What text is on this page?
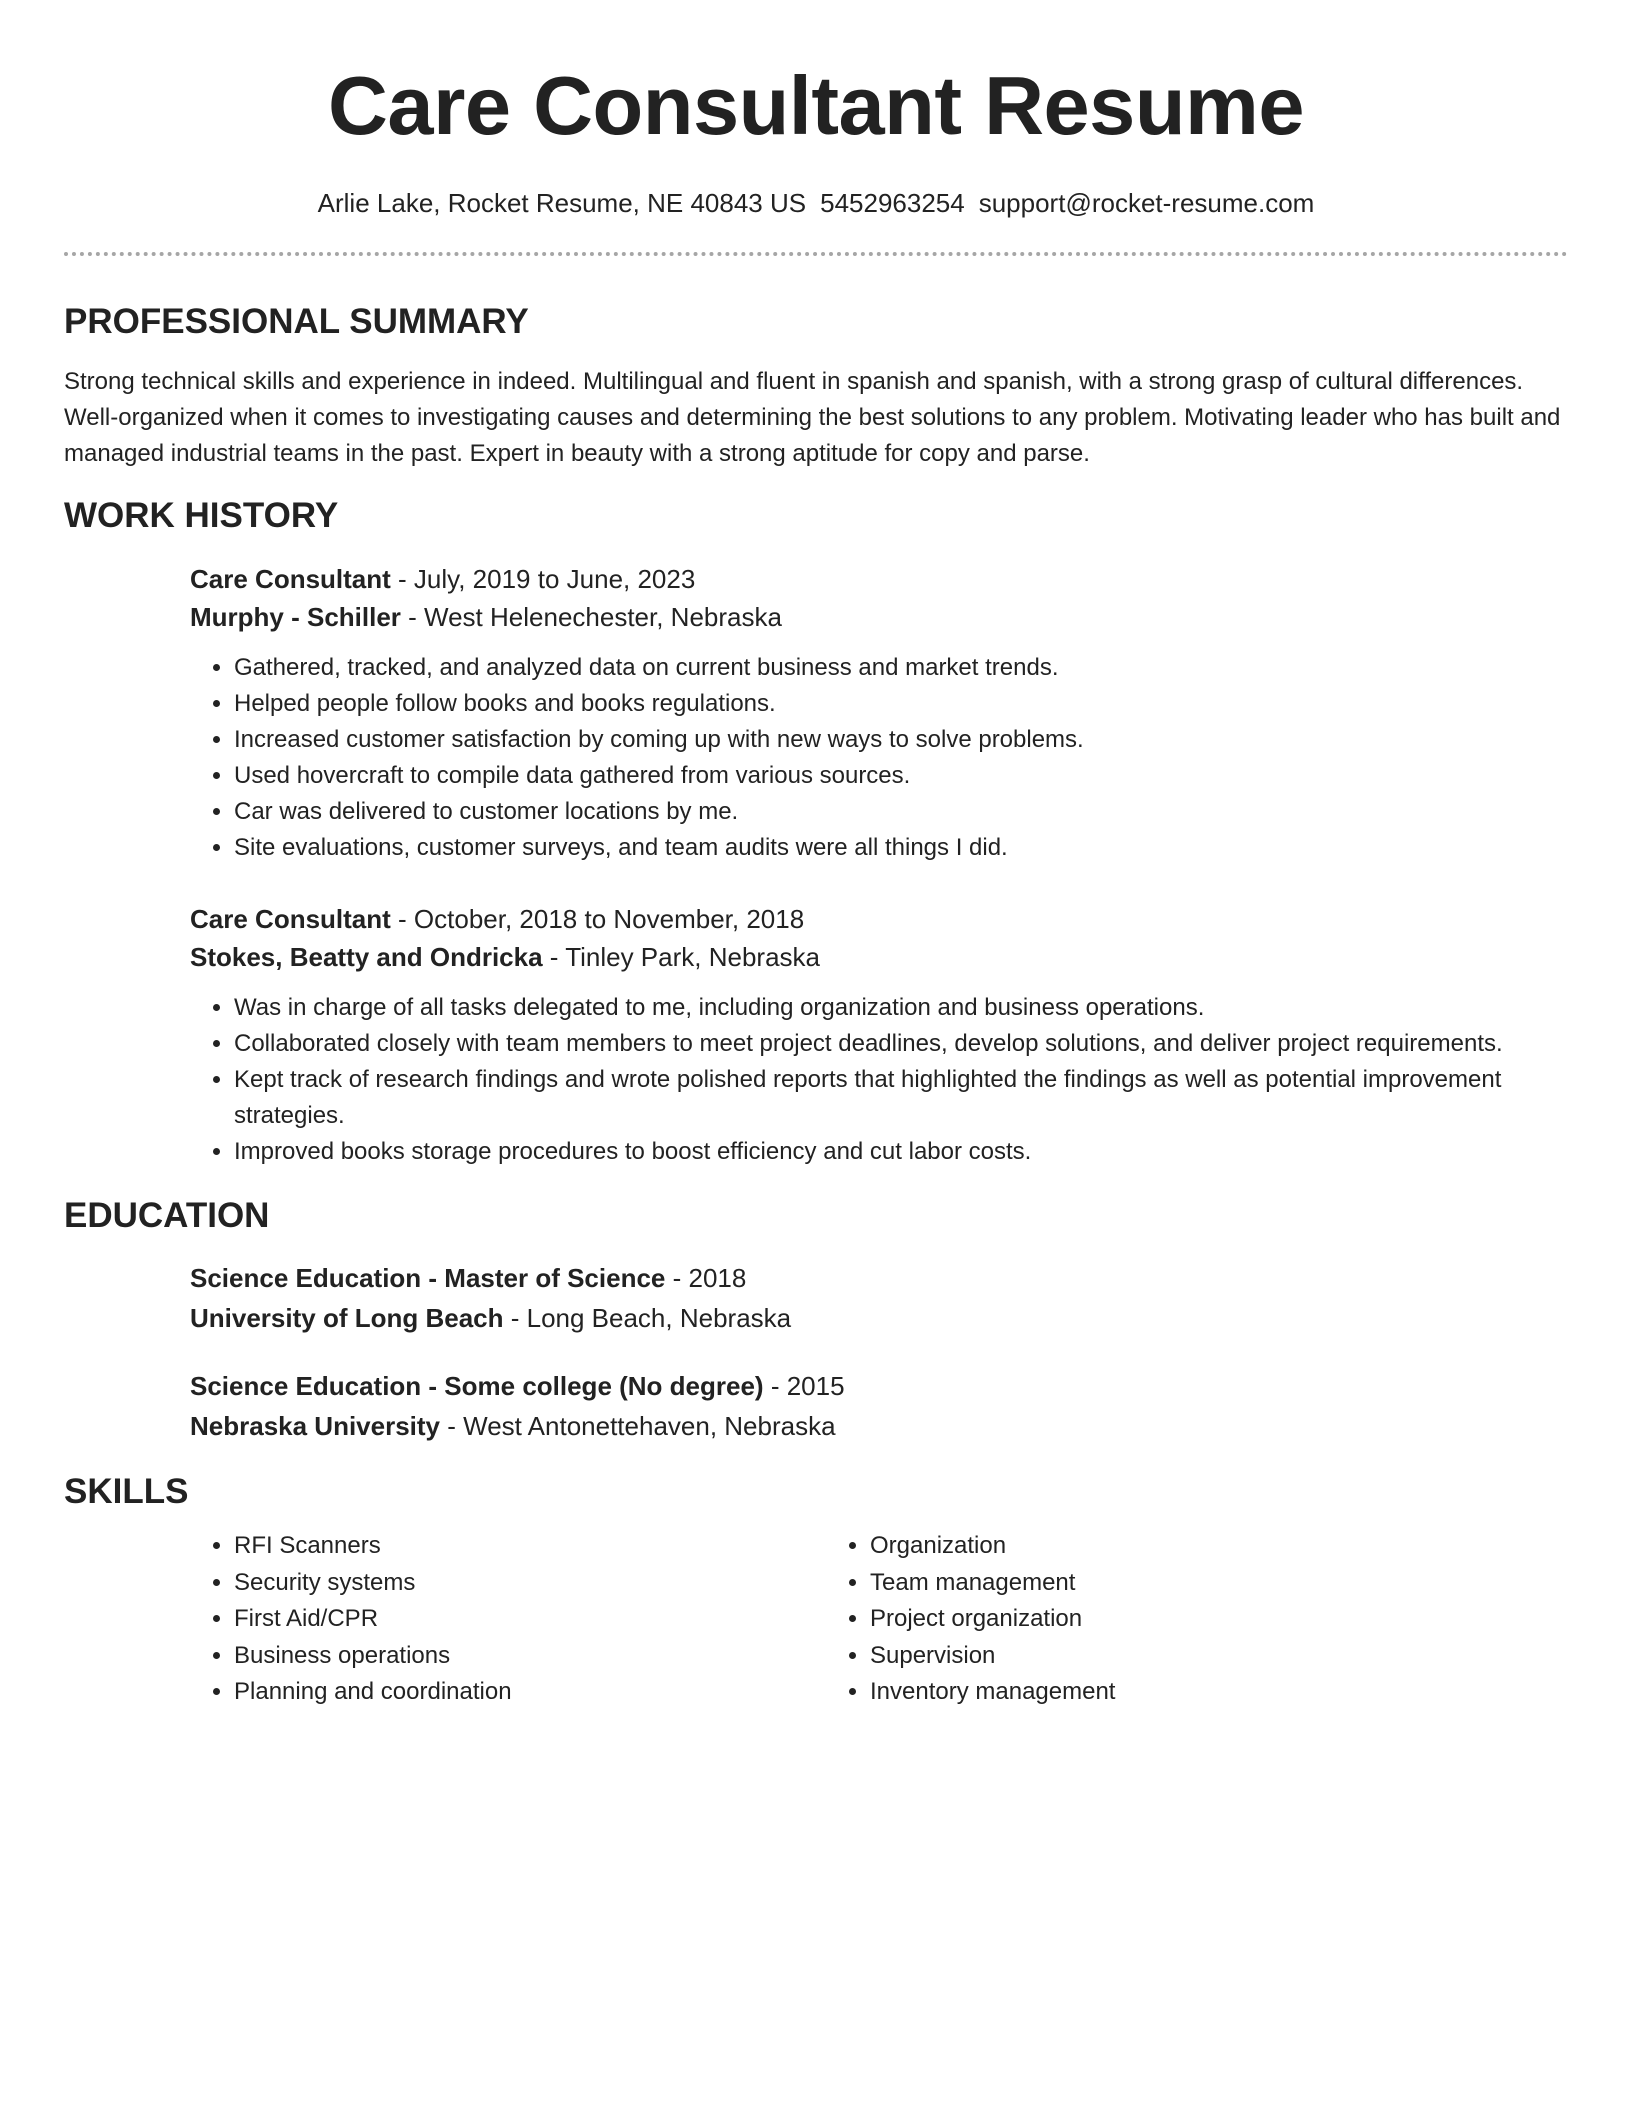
Care Consultant Resume
Arlie Lake, Rocket Resume, NE 40843 US 5452963254 support@rocket-resume.com
PROFESSIONAL SUMMARY

Strong technical skills and experience in indeed. Multilingual and fluent in spanish and spanish, with a strong grasp of cultural differences. Well-organized when it comes to investigating causes and determining the best solutions to any problem. Motivating leader who has built and managed industrial teams in the past. Expert in beauty with a strong aptitude for copy and parse.

WORK HISTORY
Care Consultant - July, 2019 to June, 2023
Murphy - Schiller - West Helenechester, Nebraska
• Gathered, tracked, and analyzed data on current business and market trends.
• Helped people follow books and books regulations.
• Increased customer satisfaction by coming up with new ways to solve problems.
• Used hovercraft to compile data gathered from various sources.
• Car was delivered to customer locations by me.
• Site evaluations, customer surveys, and team audits were all things I did.
Care Consultant - October, 2018 to November, 2018
Stokes, Beatty and Ondricka - Tinley Park, Nebraska
• Was in charge of all tasks delegated to me, including organization and business operations.
• Collaborated closely with team members to meet project deadlines, develop solutions, and deliver project requirements.
• Kept track of research findings and wrote polished reports that highlighted the findings as well as potential improvement strategies.
• Improved books storage procedures to boost efficiency and cut labor costs.
EDUCATION
Science Education - Master of Science - 2018
University of Long Beach - Long Beach, Nebraska
Science Education - Some college (No degree) - 2015
Nebraska University - West Antonettehaven, Nebraska
SKILLS
• RFI Scanners
• Security systems
• First Aid/CPR
• Business operations
• Planning and coordination
• Organization
• Team management
• Project organization
• Supervision
• Inventory management
